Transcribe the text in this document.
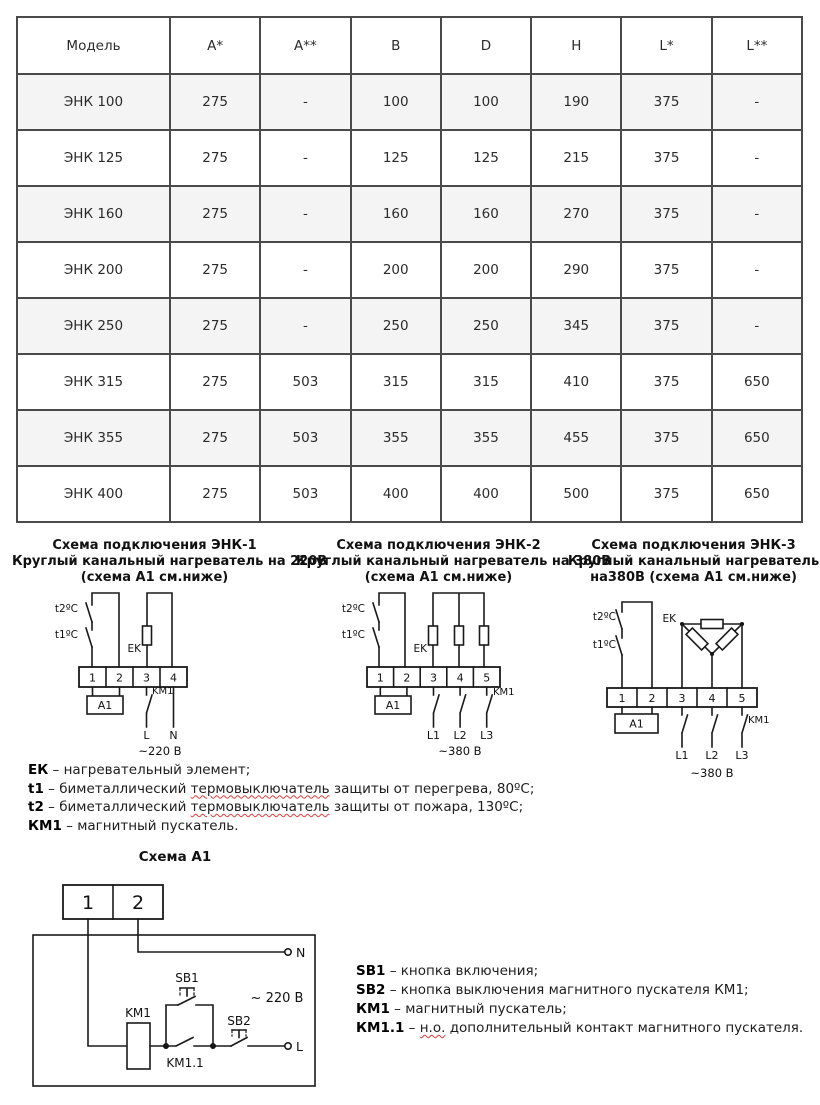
Модель	A*	A**	B	D	H	L*	L**
ЭНК 100	275	-	100	100	190	375	-
ЭНК 125	275	-	125	125	215	375	-
ЭНК 160	275	-	160	160	270	375	-
ЭНК 200	275	-	200	200	290	375	-
ЭНК 250	275	-	250	250	345	375	-
ЭНК 315	275	503	315	315	410	375	650
ЭНК 355	275	503	355	355	455	375	650
ЭНК 400	275	503	400	400	500	375	650
Схема подключения ЭНК-1
Круглый канальный нагреватель на 220В
(схема А1 см.ниже)
Схема подключения ЭНК-2
Круглый канальный нагреватель на 380В
(схема А1 см.ниже)
Схема подключения ЭНК-3
Круглый канальный нагреватель
на380В (схема А1 см.ниже)
t2ºC
t1ºC
EK
1 2 3 4
А1
KM1
L N
~220 В
t2ºC
t1ºC
EK
1 2 3 4 5
А1
KM1
L1 L2 L3
~380 В
t2ºC
t1ºC
EK
1 2 3 4 5
А1	KM1
L1 L2 L3
~380 В
ЕК – нагревательный элемент;
t1 – биметаллический термовыключатель защиты от перегрева, 80ºС;
t2 – биметаллический термовыключатель защиты от пожара, 130ºС;
КМ1 – магнитный пускатель.
Схема А1
1 2
N
L
KM1
KM1.1
SB1
SB2
~ 220 В
SB1 – кнопка включения;
SB2 – кнопка выключения магнитного пускателя КМ1;
КМ1 – магнитный пускатель;
КМ1.1 – н.о. дополнительный контакт магнитного пускателя.
